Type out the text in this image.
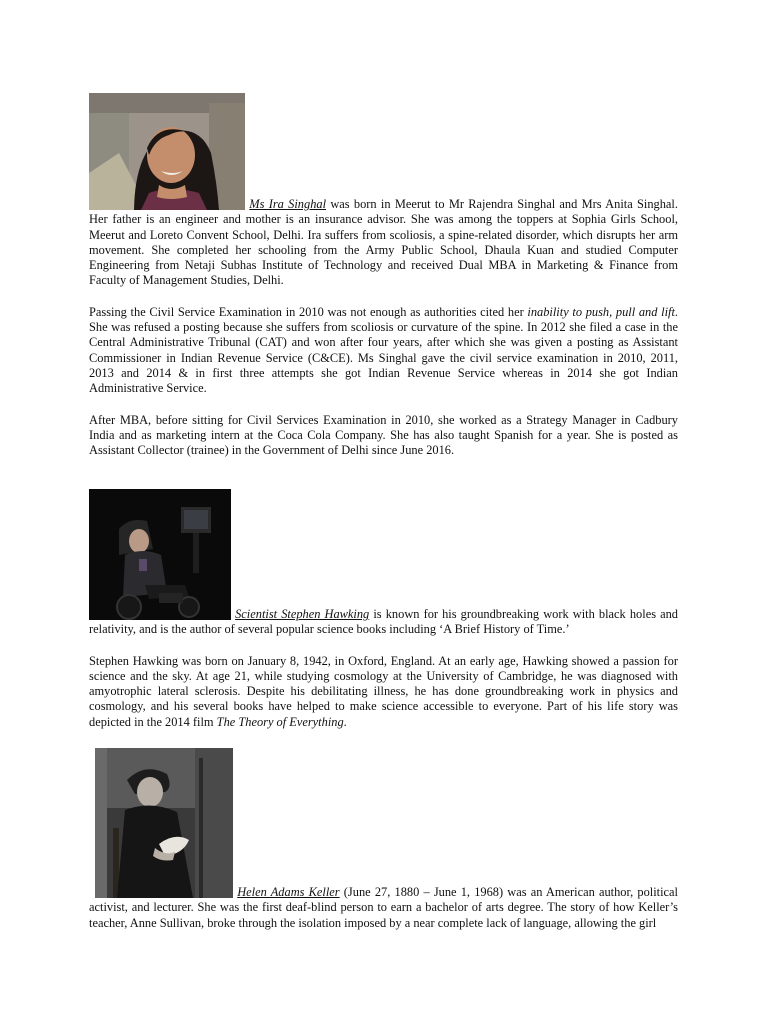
Ms Ira Singhal was born in Meerut to Mr Rajendra Singhal and Mrs Anita Singhal. Her father is an engineer and mother is an insurance advisor. She was among the toppers at Sophia Girls School, Meerut and Loreto Convent School, Delhi. Ira suffers from scoliosis, a spine-related disorder, which disrupts her arm movement. She completed her schooling from the Army Public School, Dhaula Kuan and studied Computer Engineering from Netaji Subhas Institute of Technology and received Dual MBA in Marketing & Finance from Faculty of Management Studies, Delhi.

Passing the Civil Service Examination in 2010 was not enough as authorities cited her inability to push, pull and lift. She was refused a posting because she suffers from scoliosis or curvature of the spine. In 2012 she filed a case in the Central Administrative Tribunal (CAT) and won after four years, after which she was given a posting as Assistant Commissioner in Indian Revenue Service (C&CE). Ms Singhal gave the civil service examination in 2010, 2011, 2013 and 2014 & in first three attempts she got Indian Revenue Service whereas in 2014 she got Indian Administrative Service.

After MBA, before sitting for Civil Services Examination in 2010, she worked as a Strategy Manager in Cadbury India and as marketing intern at the Coca Cola Company. She has also taught Spanish for a year. She is posted as Assistant Collector (trainee) in the Government of Delhi since June 2016.

Scientist Stephen Hawking is known for his groundbreaking work with black holes and relativity, and is the author of several popular science books including ‘A Brief History of Time.’

Stephen Hawking was born on January 8, 1942, in Oxford, England. At an early age, Hawking showed a passion for science and the sky. At age 21, while studying cosmology at the University of Cambridge, he was diagnosed with amyotrophic lateral sclerosis. Despite his debilitating illness, he has done groundbreaking work in physics and cosmology, and his several books have helped to make science accessible to everyone. Part of his life story was depicted in the 2014 film The Theory of Everything.

Helen Adams Keller (June 27, 1880 – June 1, 1968) was an American author, political activist, and lecturer. She was the first deaf-blind person to earn a bachelor of arts degree. The story of how Keller’s teacher, Anne Sullivan, broke through the isolation imposed by a near complete lack of language, allowing the girl
